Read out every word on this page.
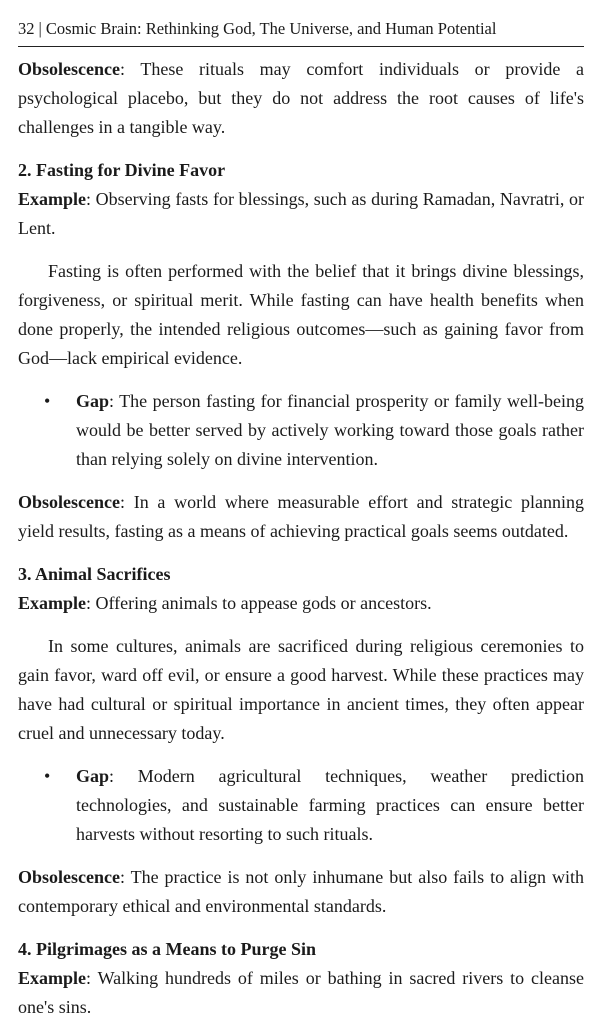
32 | Cosmic Brain: Rethinking God, The Universe, and Human Potential

Obsolescence: These rituals may comfort individuals or provide a psychological placebo, but they do not address the root causes of life's challenges in a tangible way.

2. Fasting for Divine Favor

Example: Observing fasts for blessings, such as during Ramadan, Navratri, or Lent.

Fasting is often performed with the belief that it brings divine blessings, forgiveness, or spiritual merit. While fasting can have health benefits when done properly, the intended religious outcomes—such as gaining favor from God—lack empirical evidence.

• Gap: The person fasting for financial prosperity or family well-being would be better served by actively working toward those goals rather than relying solely on divine intervention.

Obsolescence: In a world where measurable effort and strategic planning yield results, fasting as a means of achieving practical goals seems outdated.

3. Animal Sacrifices

Example: Offering animals to appease gods or ancestors.

In some cultures, animals are sacrificed during religious ceremonies to gain favor, ward off evil, or ensure a good harvest. While these practices may have had cultural or spiritual importance in ancient times, they often appear cruel and unnecessary today.

• Gap: Modern agricultural techniques, weather prediction technologies, and sustainable farming practices can ensure better harvests without resorting to such rituals.

Obsolescence: The practice is not only inhumane but also fails to align with contemporary ethical and environmental standards.

4. Pilgrimages as a Means to Purge Sin

Example: Walking hundreds of miles or bathing in sacred rivers to cleanse one's sins.
